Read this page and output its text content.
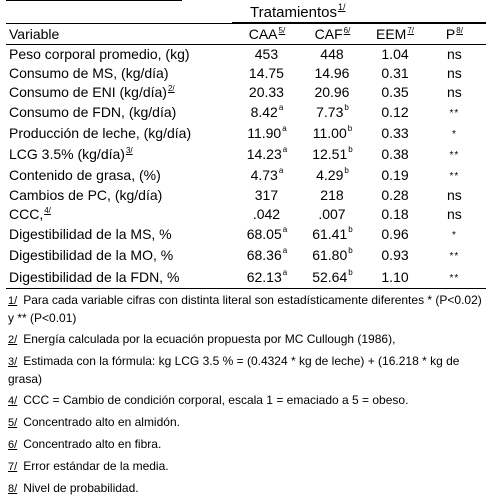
Tratamientos$^{1/}$
Variable	$CAA^{5/}$	$CAF^{6/}$	$EEM^{7/}$	$P^{8/}$
Peso corporal promedio, (kg)	453	448	1.04	ns
Consumo de MS, (kg/día)	14.75	14.96	0.31	ns
Consumo de ENI (kg/día)$^{2/}$	20.33	20.96	0.35	ns
Consumo de FDN, (kg/día)	8.42$^a$	7.73$^b$	0.12	**
Producción de leche, (kg/día)	11.90$^a$	11.00$^b$	0.33	*
LCG 3.5% (kg/día)$^{3/}$	14.23$^a$	12.51$^b$	0.38	**
Contenido de grasa, (%)	4.73$^a$	4.29$^b$	0.19	**
Cambios de PC, (kg/día)	317	218	0.28	ns
CCC,$^{4/}$	.042	.007	0.18	ns
Digestibilidad de la MS, %	68.05$^a$	61.41$^b$	0.96	*
Digestibilidad de la MO, %	68.36$^a$	61.80$^b$	0.93	**
Digestibilidad de la FDN, %	62.13$^a$	52.64$^b$	1.10	**
1/ Para cada variable cifras con distinta literal son estadísticamente diferentes * (P<0.02) y ** (P<0.01)
2/ Energía calculada por la ecuación propuesta por MC Cullough (1986),
3/ Estimada con la fórmula: kg LCG 3.5 % = (0.4324 * kg de leche) + (16.218 * kg de grasa)
4/ CCC = Cambio de condición corporal, escala 1 = emaciado a 5 = obeso.
5/ Concentrado alto en almidón.
6/ Concentrado alto en fibra.
7/ Error estándar de la media.
8/ Nivel de probabilidad.
